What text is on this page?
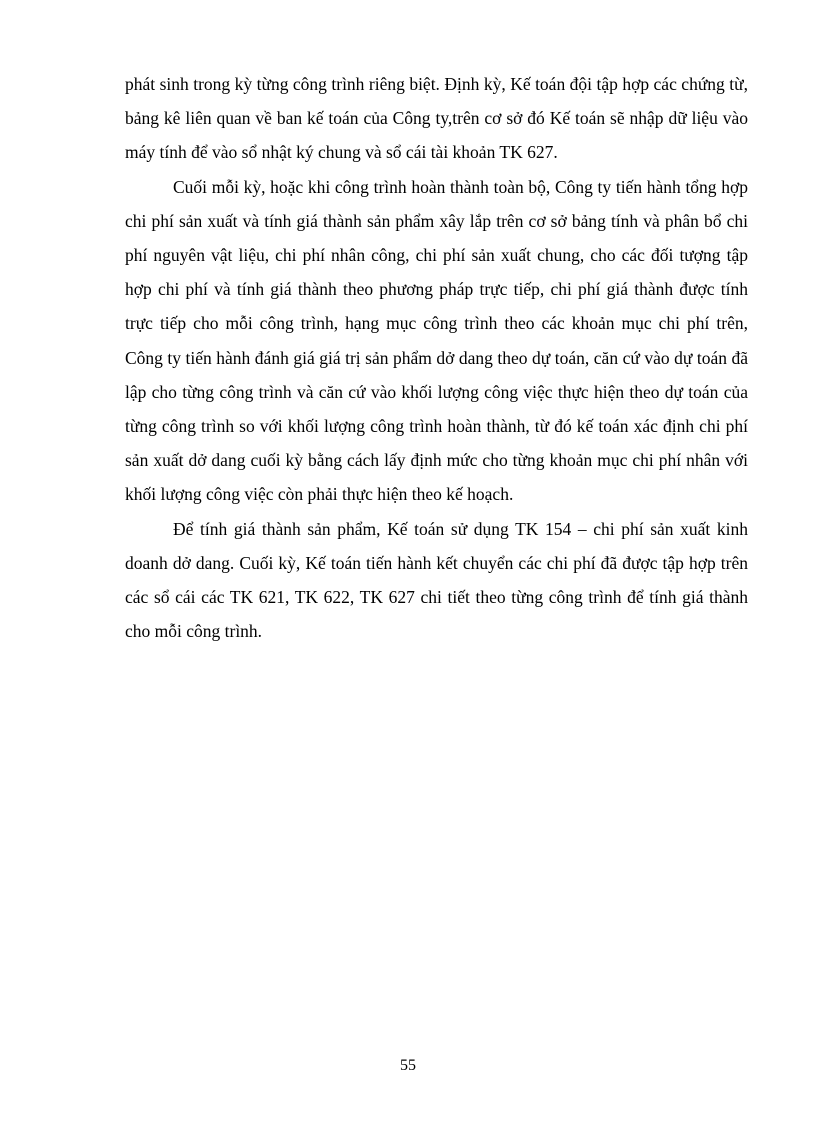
phát sinh trong kỳ từng công trình riêng biệt. Định kỳ, Kế toán đội tập hợp các chứng từ, bảng kê liên quan về ban kế toán của Công ty,trên cơ sở đó Kế toán sẽ nhập dữ liệu vào máy tính để vào sổ nhật ký chung và sổ cái tài khoản TK 627.

Cuối mỗi kỳ, hoặc khi công trình hoàn thành toàn bộ, Công ty tiến hành tổng hợp chi phí sản xuất và tính giá thành sản phẩm xây lắp trên cơ sở bảng tính và phân bổ chi phí nguyên vật liệu, chi phí nhân công, chi phí sản xuất chung, cho các đối tượng tập hợp chi phí và tính giá thành theo phương pháp trực tiếp, chi phí giá thành được tính trực tiếp cho mỗi công trình, hạng mục công trình theo các khoản mục chi phí trên, Công ty tiến hành đánh giá giá trị sản phẩm dở dang theo dự toán, căn cứ vào dự toán đã lập cho từng công trình và căn cứ vào khối lượng công việc thực hiện theo dự toán của từng công trình so với khối lượng công trình hoàn thành, từ đó kế toán xác định chi phí sản xuất dở dang cuối kỳ bằng cách lấy định mức cho từng khoản mục chi phí nhân với khối lượng công việc còn phải thực hiện theo kế hoạch.

Để tính giá thành sản phẩm, Kế toán sử dụng TK 154 – chi phí sản xuất kinh doanh dở dang. Cuối kỳ, Kế toán tiến hành kết chuyển các chi phí đã được tập hợp trên các sổ cái các TK 621, TK 622, TK 627 chi tiết theo từng công trình để tính giá thành cho mỗi công trình.

55
